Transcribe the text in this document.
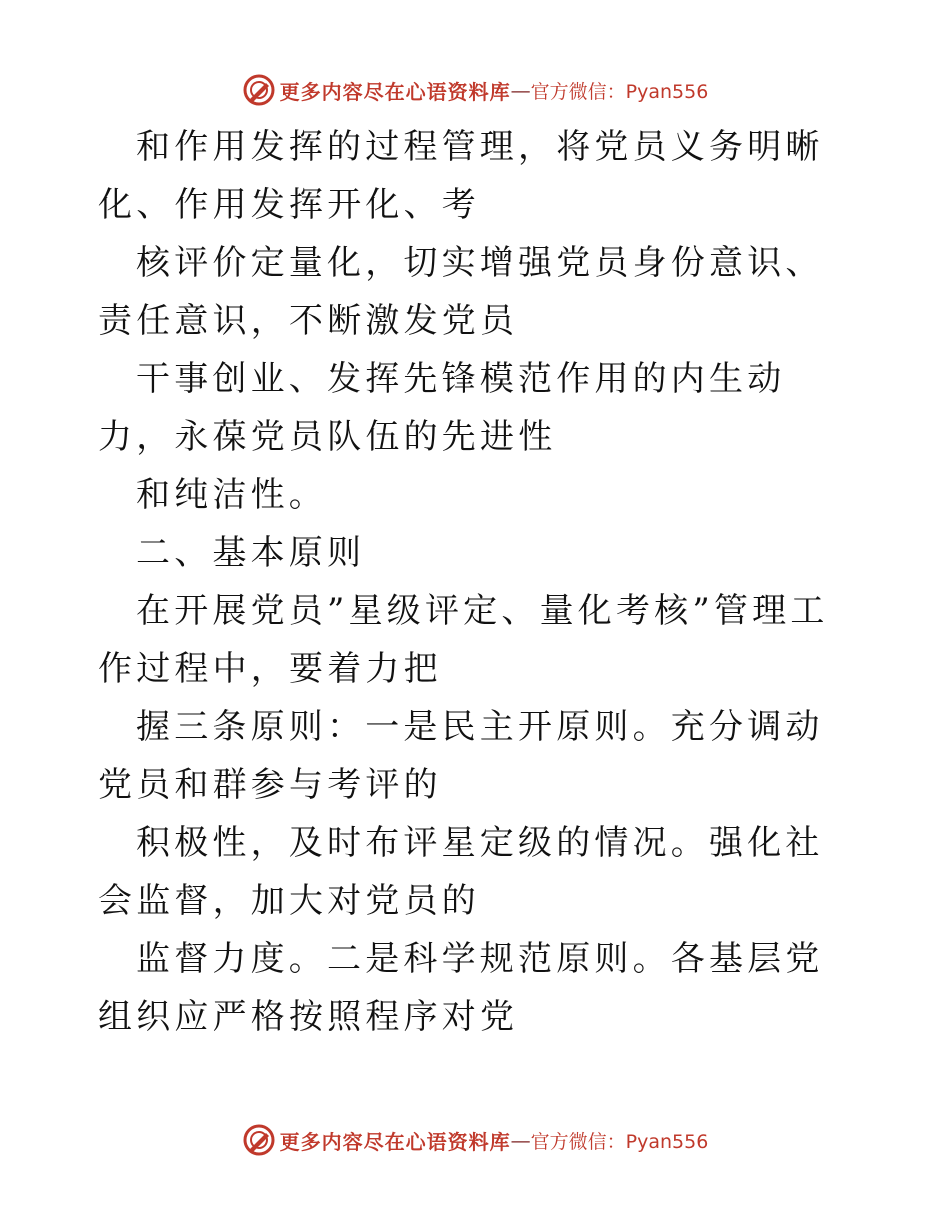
更多内容尽在心语资料库 — 官方微信：Pyan556

和作用发挥的过程管理，将党员义务明晰化、作用发挥开化、考

核评价定量化，切实增强党员身份意识、责任意识，不断激发党员

干事创业、发挥先锋模范作用的内生动力，永葆党员队伍的先进性

和纯洁性。

二、基本原则

在开展党员”星级评定、量化考核”管理工作过程中，要着力把

握三条原则：一是民主开原则。充分调动党员和群参与考评的

积极性，及时布评星定级的情况。强化社会监督，加大对党员的

监督力度。二是科学规范原则。各基层党组织应严格按照程序对党

更多内容尽在心语资料库 — 官方微信：Pyan556
